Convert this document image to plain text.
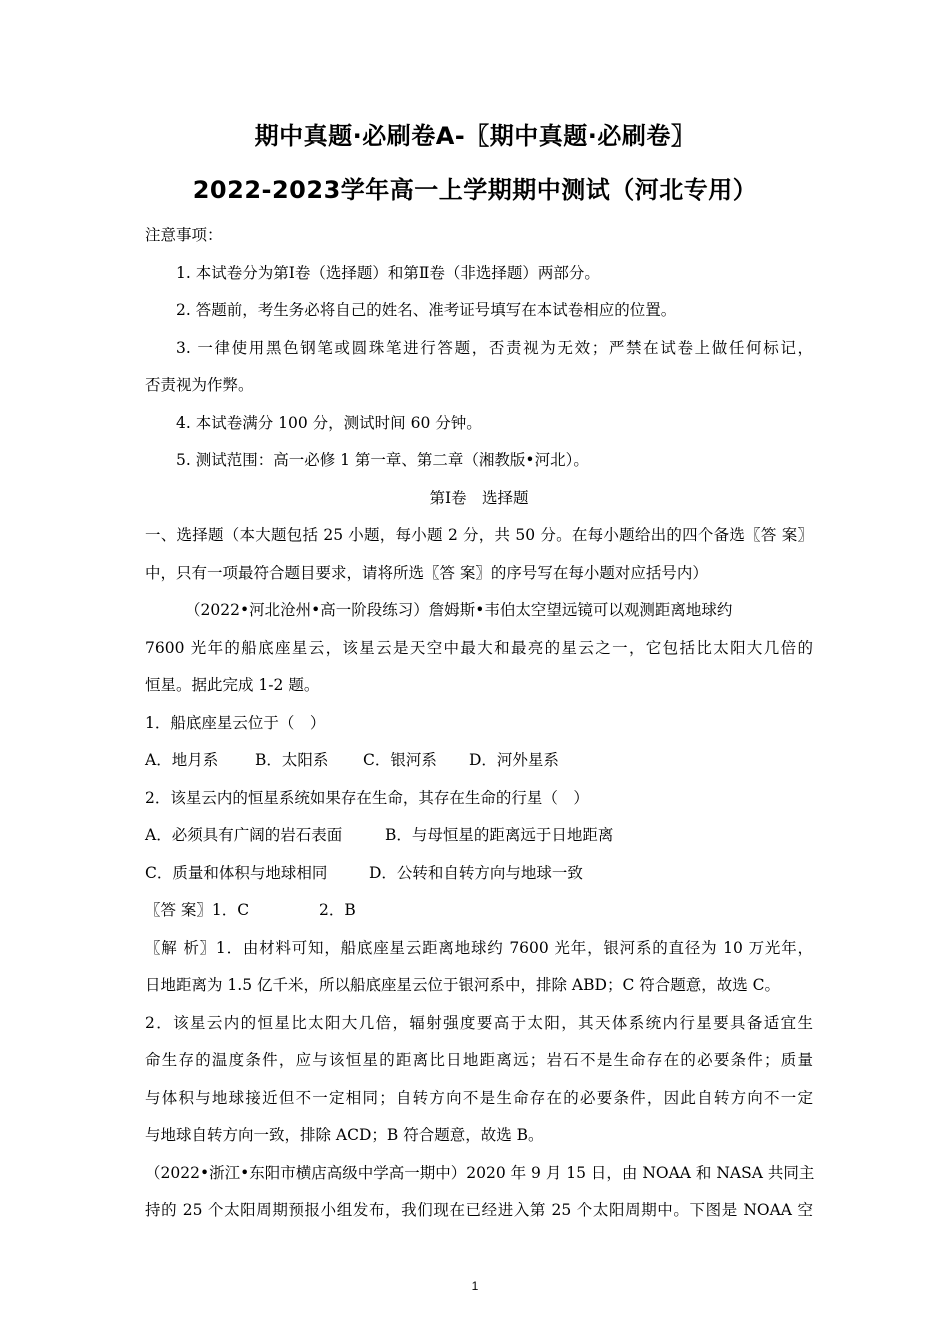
期中真题·必刷卷A-〖期中真题·必刷卷〗
2022-2023学年高一上学期期中测试（河北专用）
注意事项：
1. 本试卷分为第Ⅰ卷（选择题）和第Ⅱ卷（非选择题）两部分。
2. 答题前，考生务必将自己的姓名、准考证号填写在本试卷相应的位置。
3. 一律使用黑色钢笔或圆珠笔进行答题，否责视为无效；严禁在试卷上做任何标记，
否责视为作弊。
4. 本试卷满分 100 分，测试时间 60 分钟。
5. 测试范围：高一必修 1 第一章、第二章（湘教版•河北）。
第Ⅰ卷　选择题
一、选择题（本大题包括 25 小题，每小题 2 分，共 50 分。在每小题给出的四个备选〖答 案〗
中，只有一项最符合题目要求，请将所选〖答 案〗的序号写在每小题对应括号内）
（2022•河北沧州•高一阶段练习）詹姆斯•韦伯太空望远镜可以观测距离地球约
7600 光年的船底座星云，该星云是天空中最大和最亮的星云之一，它包括比太阳大几倍的
恒星。据此完成 1-2 题。
1．船底座星云位于（　）
A．地月系 B．太阳系 C．银河系 D．河外星系
2．该星云内的恒星系统如果存在生命，其存在生命的行星（　）
A．必须具有广阔的岩石表面	B．与母恒星的距离远于日地距离
C．质量和体积与地球相同	D．公转和自转方向与地球一致
〖答 案〗1．C	2．B
〖解 析〗1．由材料可知，船底座星云距离地球约 7600 光年，银河系的直径为 10 万光年，
日地距离为 1.5 亿千米，所以船底座星云位于银河系中，排除 ABD；C 符合题意，故选 C。
2．该星云内的恒星比太阳大几倍，辐射强度要高于太阳，其天体系统内行星要具备适宜生
命生存的温度条件，应与该恒星的距离比日地距离远；岩石不是生命存在的必要条件；质量
与体积与地球接近但不一定相同；自转方向不是生命存在的必要条件，因此自转方向不一定
与地球自转方向一致，排除 ACD；B 符合题意，故选 B。
（2022•浙江•东阳市横店高级中学高一期中）2020 年 9 月 15 日，由 NOAA 和 NASA 共同主
持的 25 个太阳周期预报小组发布，我们现在已经进入第 25 个太阳周期中。下图是 NOAA 空
1
